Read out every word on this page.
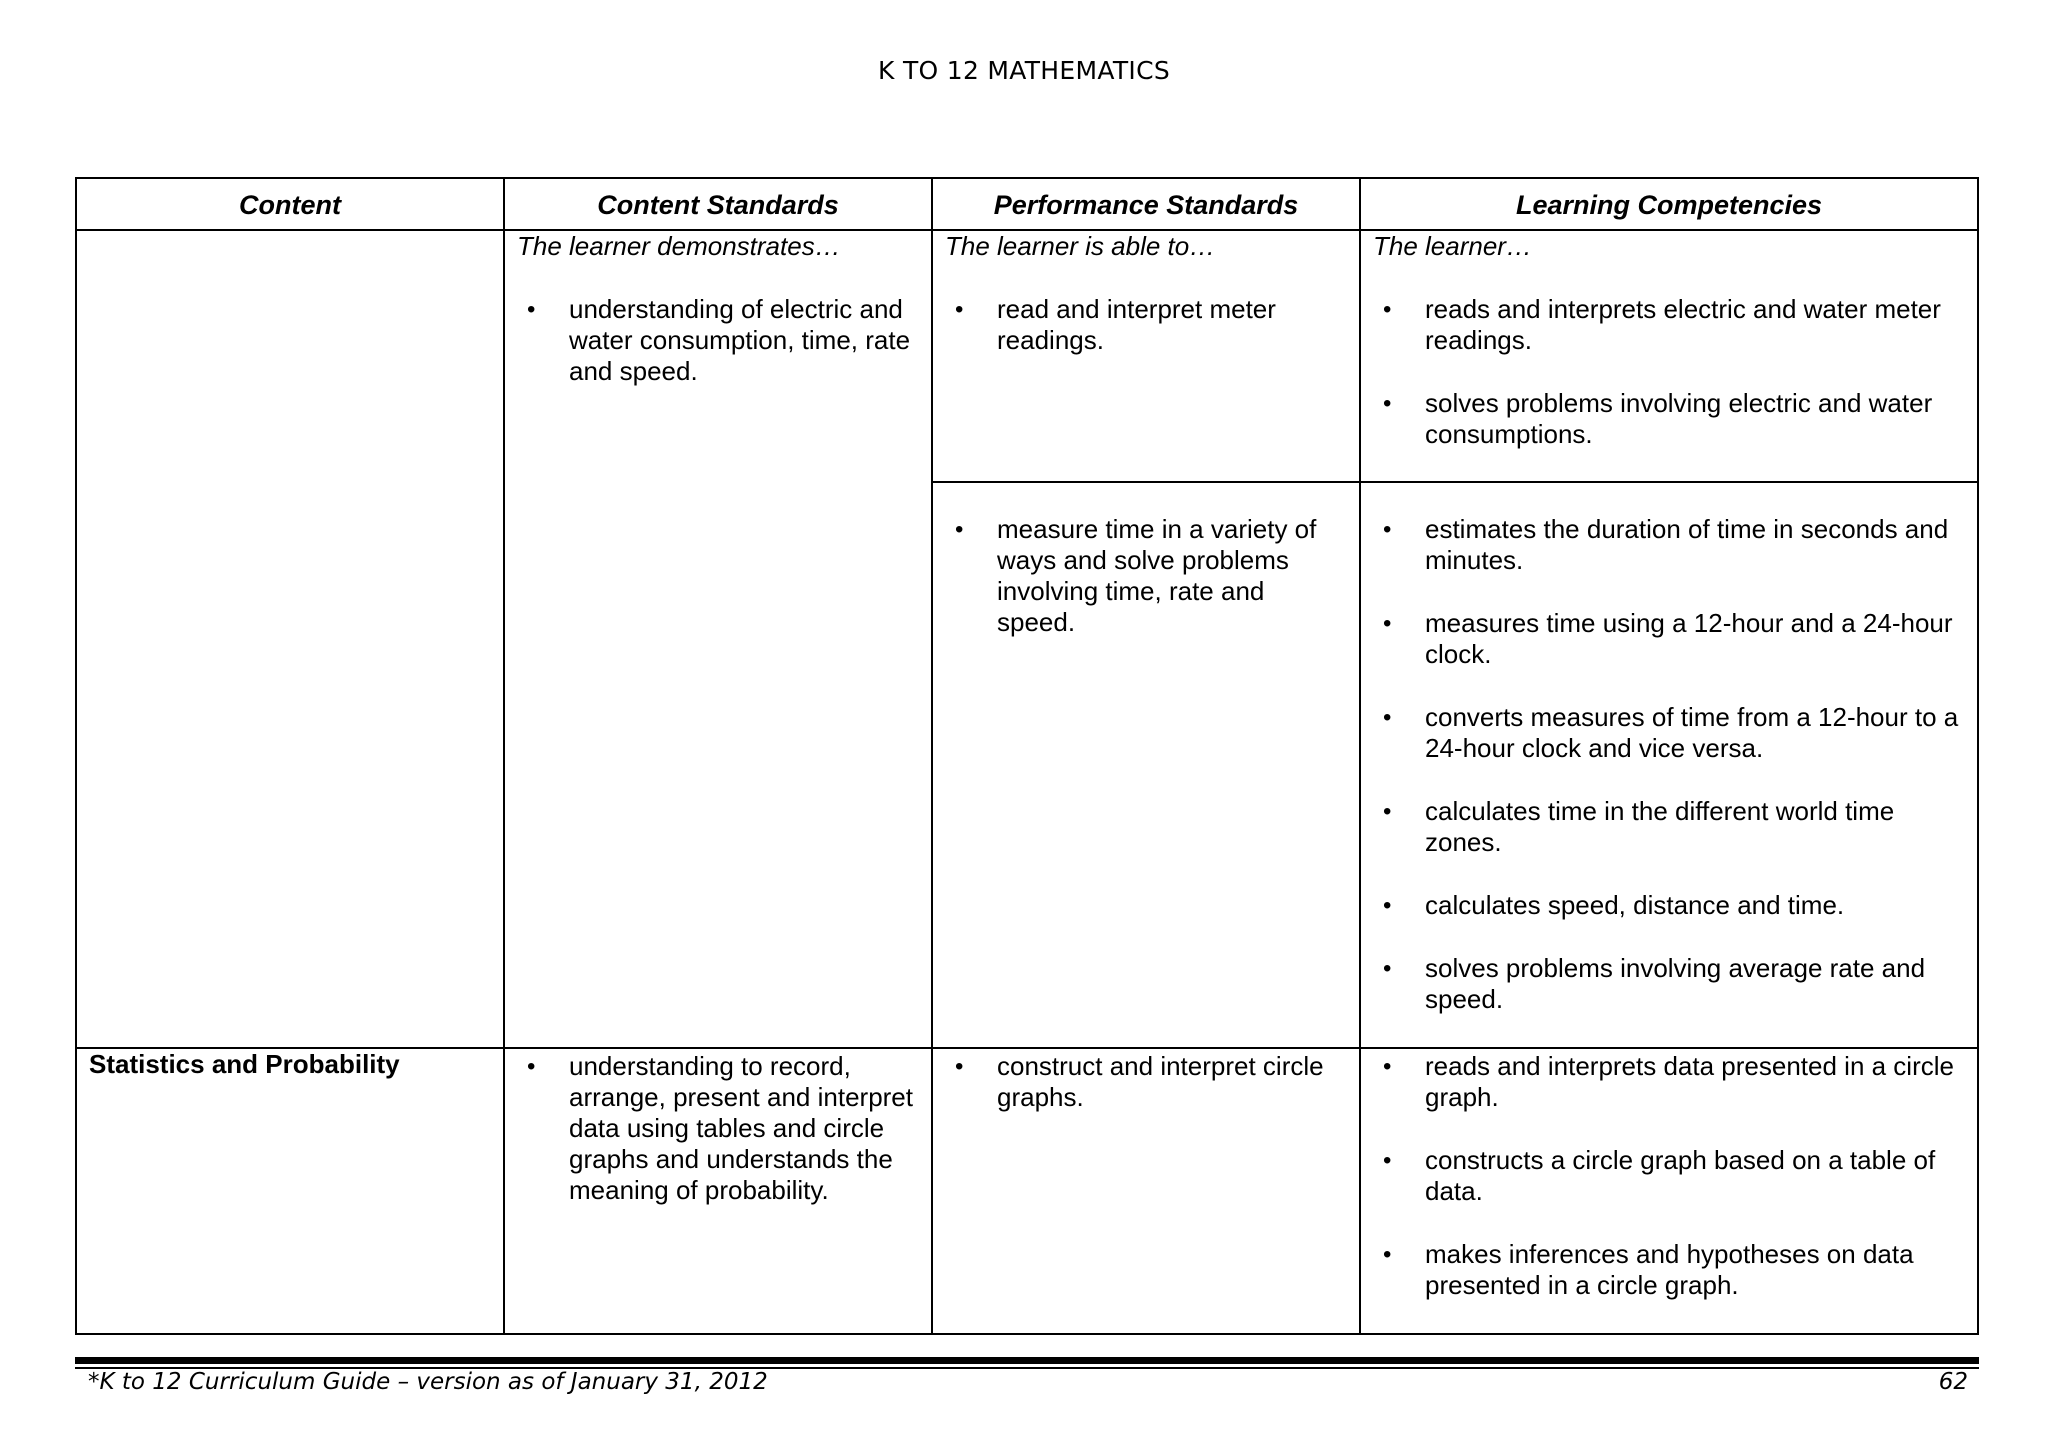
K TO 12 MATHEMATICS
Content	Content Standards	Performance Standards	Learning Competencies
The learner demonstrates…	The learner is able to…	The learner…
• understanding of electric and water consumption, time, rate and speed.
• read and interpret meter readings.
• reads and interprets electric and water meter readings.
• solves problems involving electric and water consumptions.
• measure time in a variety of ways and solve problems involving time, rate and speed.
• estimates the duration of time in seconds and minutes.
• measures time using a 12-hour and a 24-hour clock.
• converts measures of time from a 12-hour to a 24-hour clock and vice versa.
• calculates time in the different world time zones.
• calculates speed, distance and time.
• solves problems involving average rate and speed.
Statistics and Probability
•	understanding to record, arrange, present and interpret data using tables and circle graphs and understands the meaning of probability.
• construct and interpret circle graphs.
• reads and interprets data presented in a circle graph.
• constructs a circle graph based on a table of data.
• makes inferences and hypotheses on data presented in a circle graph.
*K to 12 Curriculum Guide – version as of January 31, 2012	62
